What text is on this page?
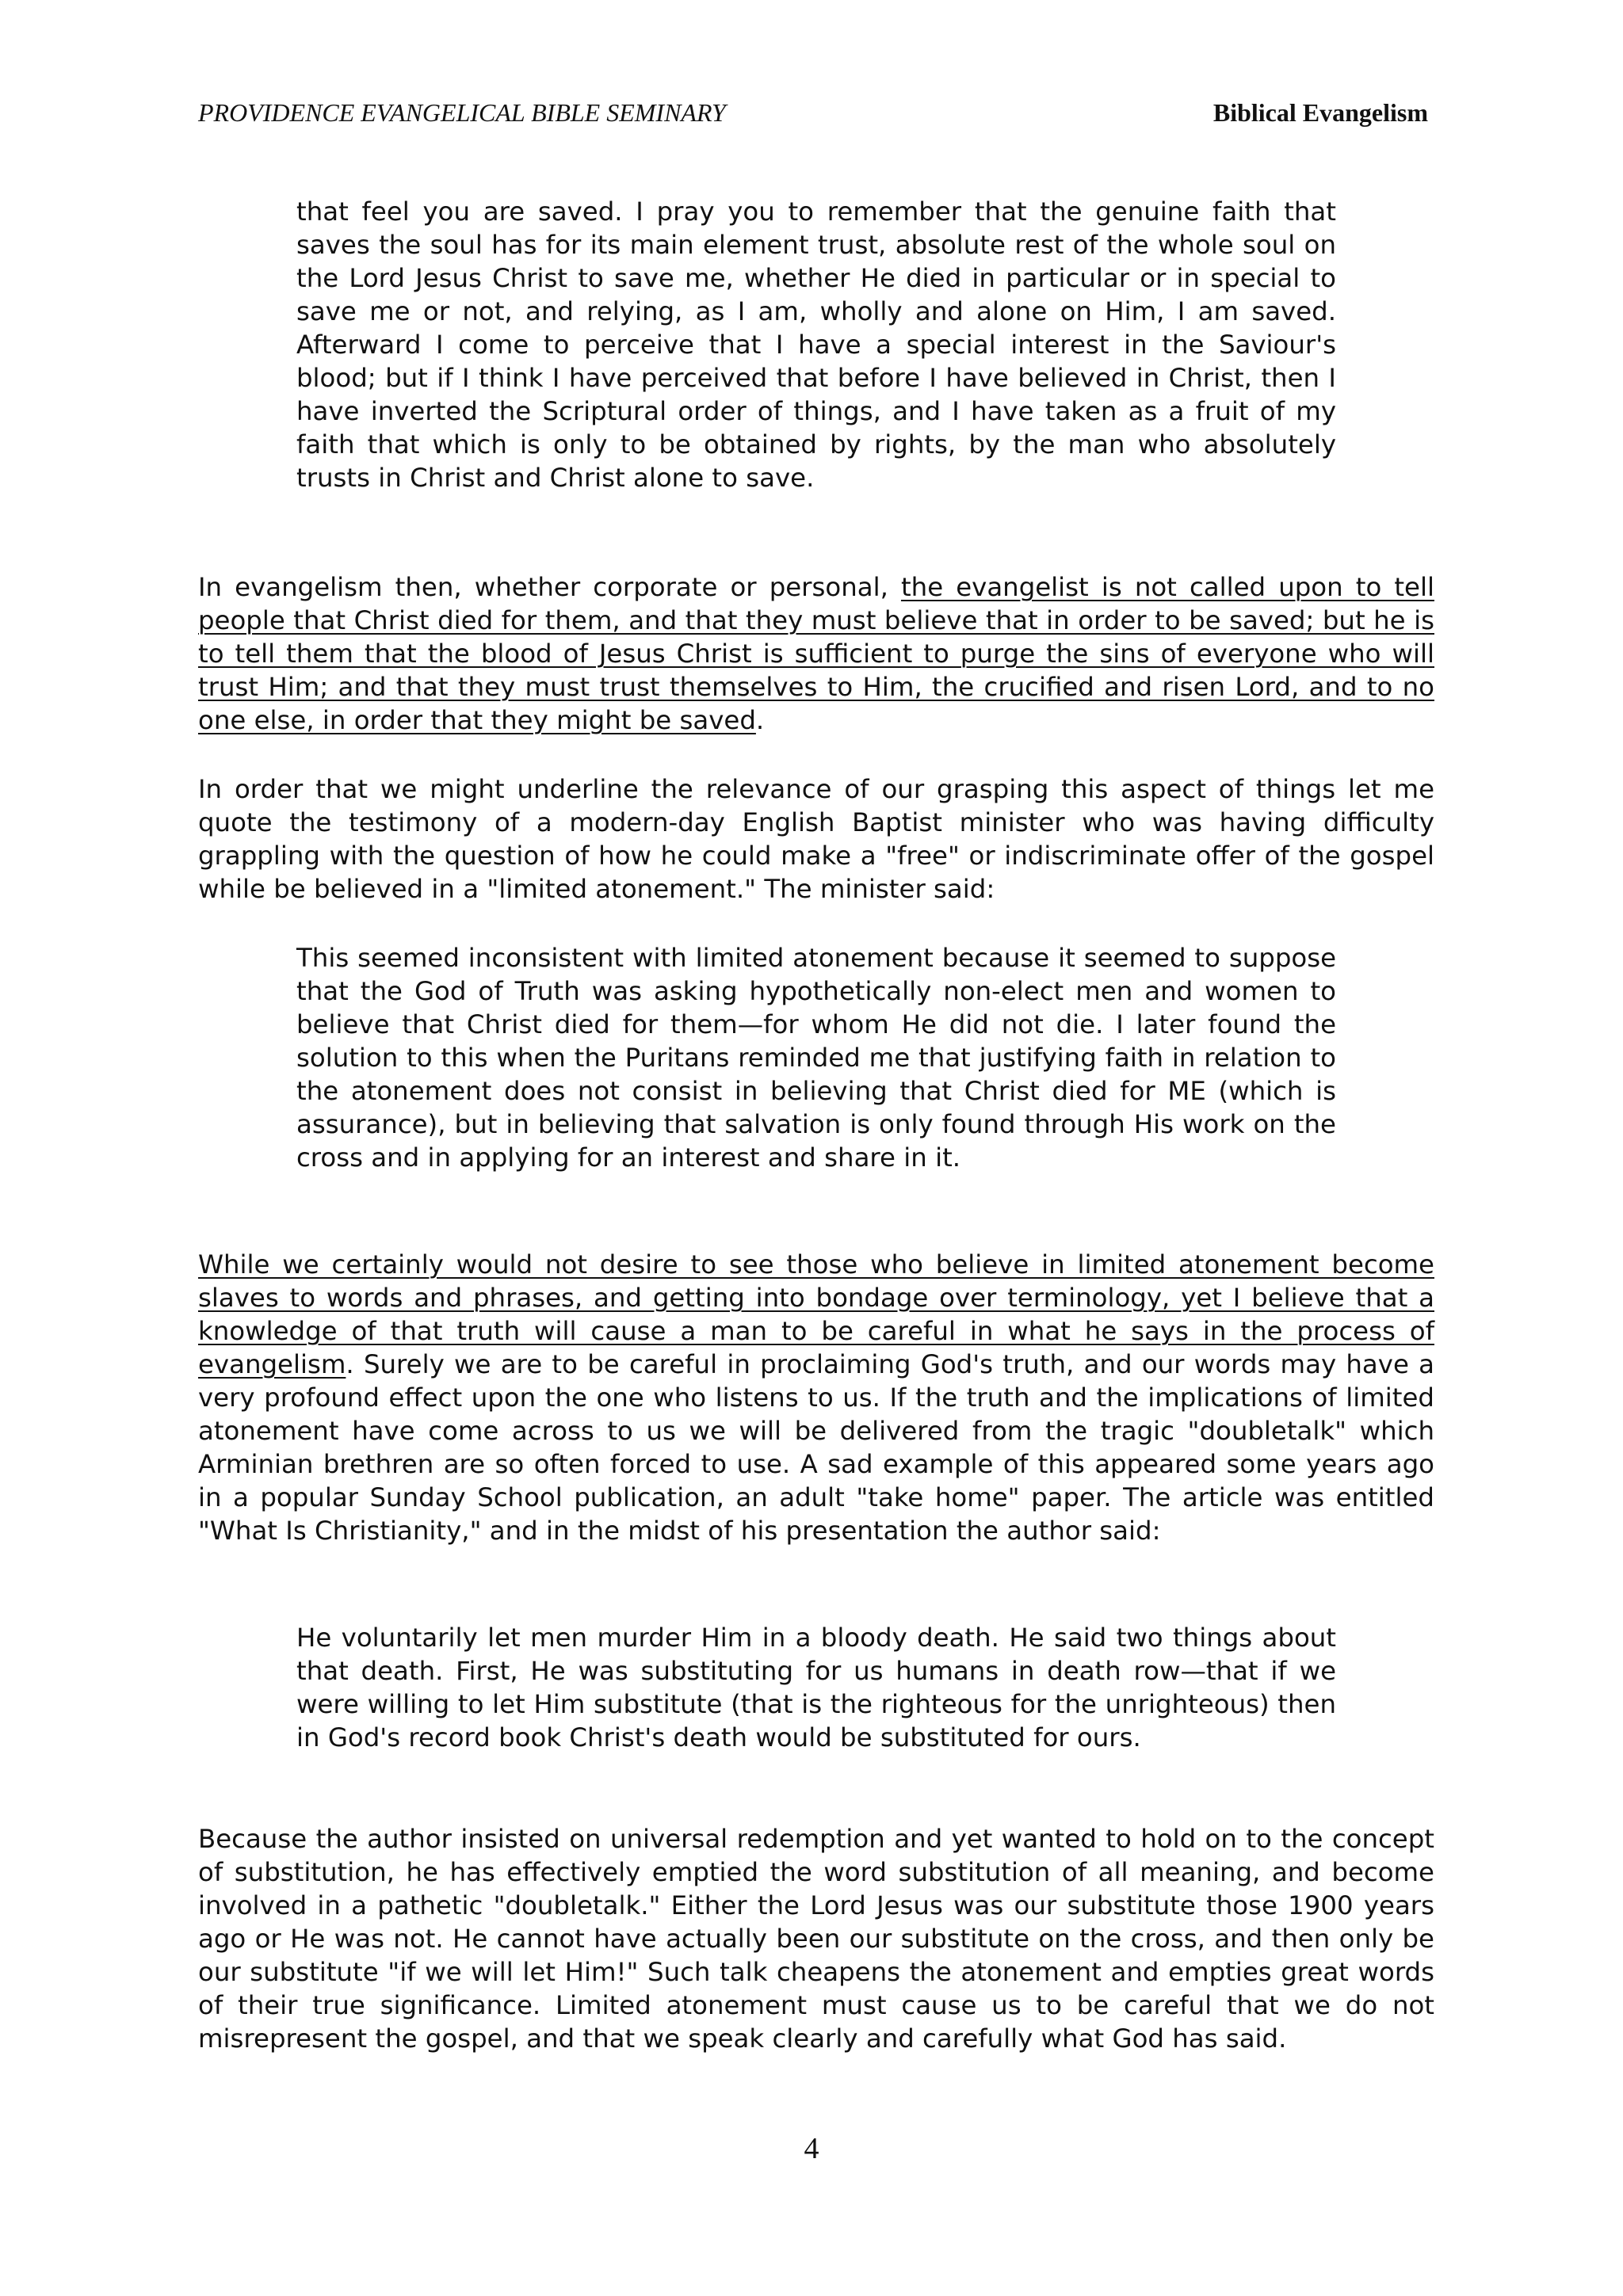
PROVIDENCE EVANGELICAL BIBLE SEMINARY	Biblical Evangelism

that feel you are saved. I pray you to remember that the genuine faith that saves the soul has for its main element trust, absolute rest of the whole soul on the Lord Jesus Christ to save me, whether He died in particular or in special to save me or not, and relying, as I am, wholly and alone on Him, I am saved. Afterward I come to perceive that I have a special interest in the Saviour's blood; but if I think I have perceived that before I have believed in Christ, then I have inverted the Scriptural order of things, and I have taken as a fruit of my faith that which is only to be obtained by rights, by the man who absolutely trusts in Christ and Christ alone to save.

In evangelism then, whether corporate or personal, the evangelist is not called upon to tell people that Christ died for them, and that they must believe that in order to be saved; but he is to tell them that the blood of Jesus Christ is sufficient to purge the sins of everyone who will trust Him; and that they must trust themselves to Him, the crucified and risen Lord, and to no one else, in order that they might be saved.

In order that we might underline the relevance of our grasping this aspect of things let me quote the testimony of a modern-day English Baptist minister who was having difficulty grappling with the question of how he could make a "free" or indiscriminate offer of the gospel while be believed in a "limited atonement." The minister said:

This seemed inconsistent with limited atonement because it seemed to suppose that the God of Truth was asking hypothetically non-elect men and women to believe that Christ died for them—for whom He did not die. I later found the solution to this when the Puritans reminded me that justifying faith in relation to the atonement does not consist in believing that Christ died for ME (which is assurance), but in believing that salvation is only found through His work on the cross and in applying for an interest and share in it.

While we certainly would not desire to see those who believe in limited atonement become slaves to words and phrases, and getting into bondage over terminology, yet I believe that a knowledge of that truth will cause a man to be careful in what he says in the process of evangelism. Surely we are to be careful in proclaiming God's truth, and our words may have a very profound effect upon the one who listens to us. If the truth and the implications of limited atonement have come across to us we will be delivered from the tragic "doubletalk" which Arminian brethren are so often forced to use. A sad example of this appeared some years ago in a popular Sunday School publication, an adult "take home" paper. The article was entitled "What Is Christianity," and in the midst of his presentation the author said:

He voluntarily let men murder Him in a bloody death. He said two things about that death. First, He was substituting for us humans in death row—that if we were willing to let Him substitute (that is the righteous for the unrighteous) then in God's record book Christ's death would be substituted for ours.

Because the author insisted on universal redemption and yet wanted to hold on to the concept of substitution, he has effectively emptied the word substitution of all meaning, and become involved in a pathetic "doubletalk." Either the Lord Jesus was our substitute those 1900 years ago or He was not. He cannot have actually been our substitute on the cross, and then only be our substitute "if we will let Him!" Such talk cheapens the atonement and empties great words of their true significance. Limited atonement must cause us to be careful that we do not misrepresent the gospel, and that we speak clearly and carefully what God has said.

4
